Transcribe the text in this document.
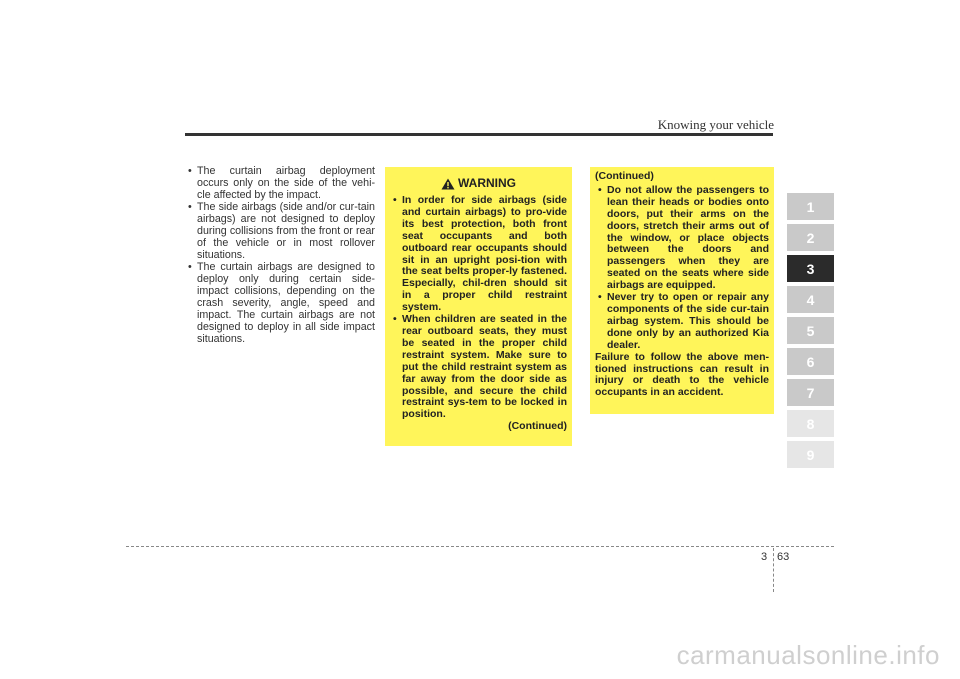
Knowing your vehicle
• The curtain airbag deployment occurs only on the side of the vehi-cle affected by the impact.
• The side airbags (side and/or cur-tain airbags) are not designed to deploy during collisions from the front or rear of the vehicle or in most rollover situations.
• The curtain airbags are designed to deploy only during certain side-impact collisions, depending on the crash severity, angle, speed and impact. The curtain airbags are not designed to deploy in all side impact situations.
WARNING
• In order for side airbags (side and curtain airbags) to pro-vide its best protection, both front seat occupants and both outboard rear occupants should sit in an upright posi-tion with the seat belts proper-ly fastened. Especially, chil-dren should sit in a proper child restraint system.
• When children are seated in the rear outboard seats, they must be seated in the proper child restraint system. Make sure to put the child restraint system as far away from the door side as possible, and secure the child restraint sys-tem to be locked in position.
(Continued)
(Continued)
• Do not allow the passengers to lean their heads or bodies onto doors, put their arms on the doors, stretch their arms out of the window, or place objects between the doors and passengers when they are seated on the seats where side airbags are equipped.
• Never try to open or repair any components of the side cur-tain airbag system. This should be done only by an authorized Kia dealer.
Failure to follow the above men-tioned instructions can result in injury or death to the vehicle occupants in an accident.
1
2
3
4
5
6
7
8
9
3 63
carmanualsonline.info
